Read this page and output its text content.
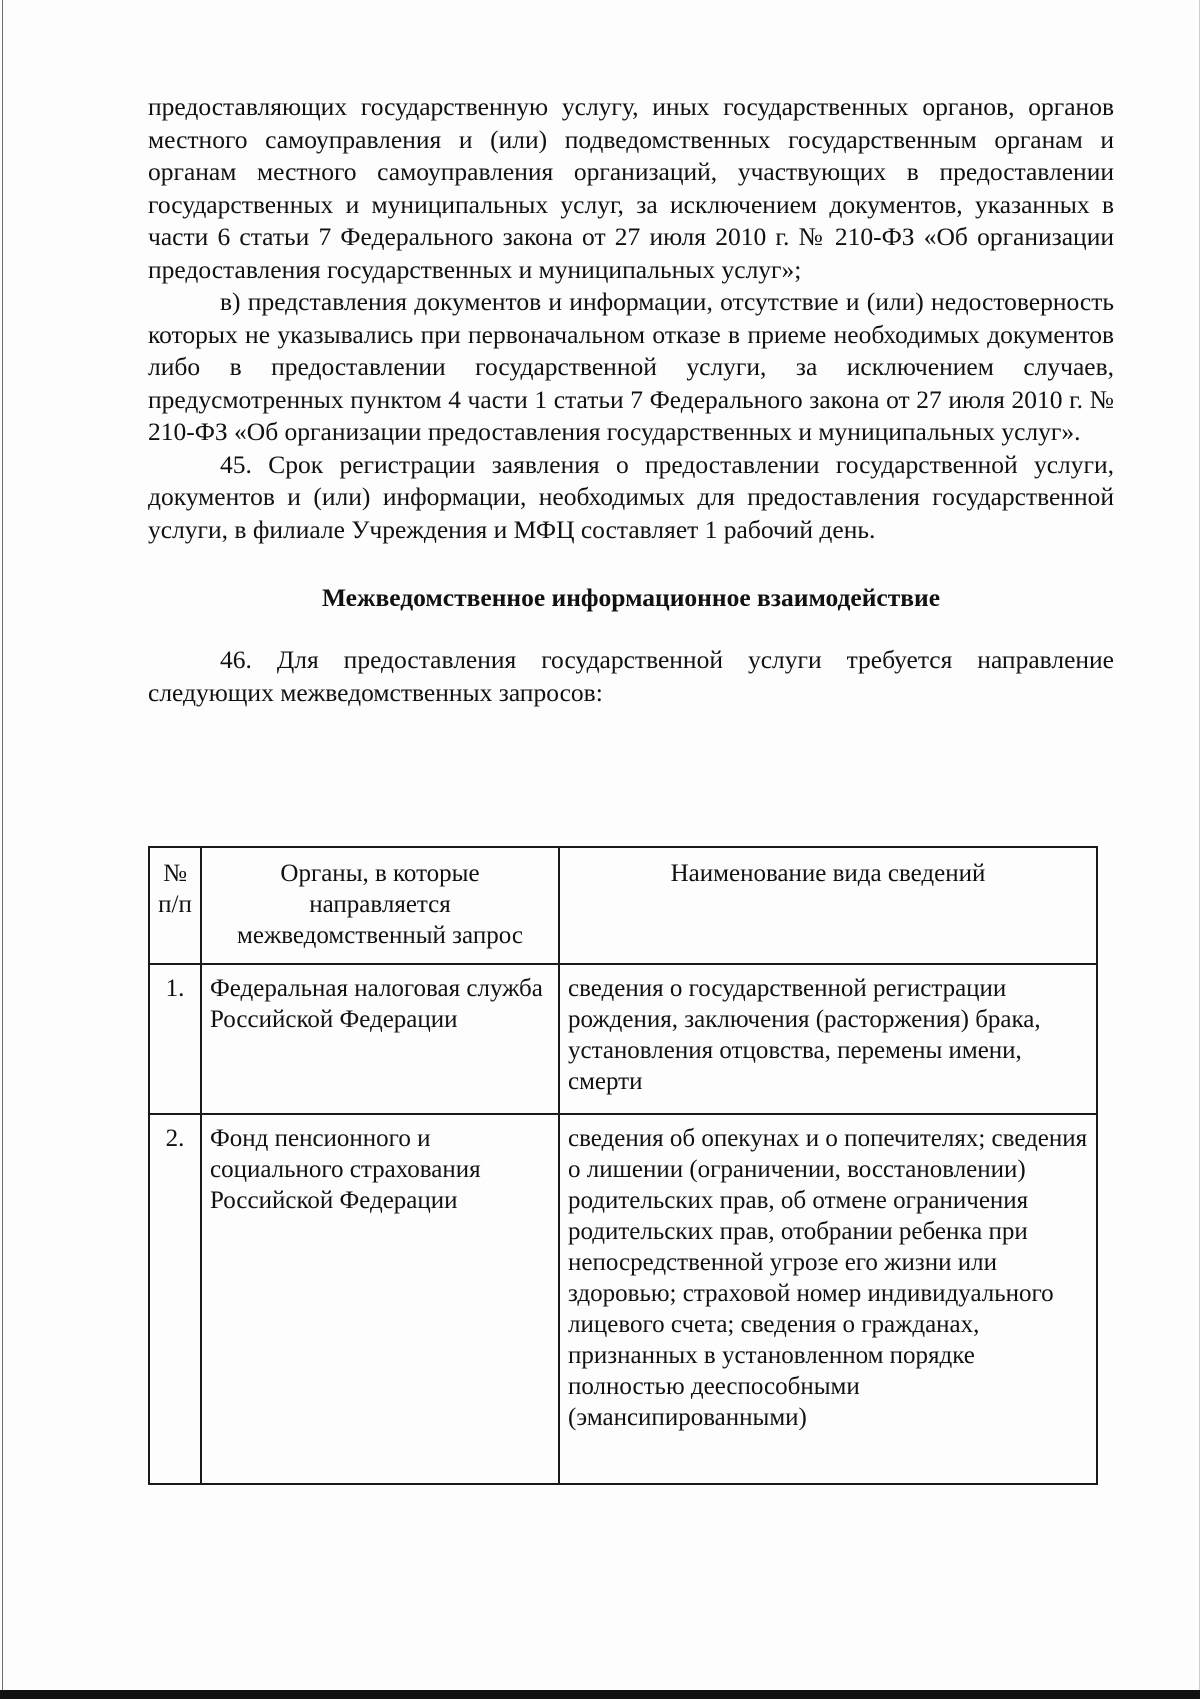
предоставляющих государственную услугу, иных государственных органов, органов местного самоуправления и (или) подведомственных государственным органам и органам местного самоуправления организаций, участвующих в предоставлении государственных и муниципальных услуг, за исключением документов, указанных в части 6 статьи 7 Федерального закона от 27 июля 2010 г. № 210-ФЗ «Об организации предоставления государственных и муниципальных услуг»;

в) представления документов и информации, отсутствие и (или) недостоверность которых не указывались при первоначальном отказе в приеме необходимых документов либо в предоставлении государственной услуги, за исключением случаев, предусмотренных пунктом 4 части 1 статьи 7 Федерального закона от 27 июля 2010 г. № 210-ФЗ «Об организации предоставления государственных и муниципальных услуг».

45. Срок регистрации заявления о предоставлении государственной услуги, документов и (или) информации, необходимых для предоставления государственной услуги, в филиале Учреждения и МФЦ составляет 1 рабочий день.

Межведомственное информационное взаимодействие

46. Для предоставления государственной услуги требуется направление следующих межведомственных запросов:

№ п/п	Органы, в которые направляется межведомственный запрос	Наименование вида сведений
1.	Федеральная налоговая служба Российской Федерации	сведения о государственной регистрации рождения, заключения (расторжения) брака, установления отцовства, перемены имени, смерти
2.	Фонд пенсионного и социального страхования Российской Федерации	сведения об опекунах и о попечителях; сведения о лишении (ограничении, восстановлении) родительских прав, об отмене ограничения родительских прав, отобрании ребенка при непосредственной угрозе его жизни или здоровью; страховой номер индивидуального лицевого счета; сведения о гражданах, признанных в установленном порядке полностью дееспособными (эмансипированными)
